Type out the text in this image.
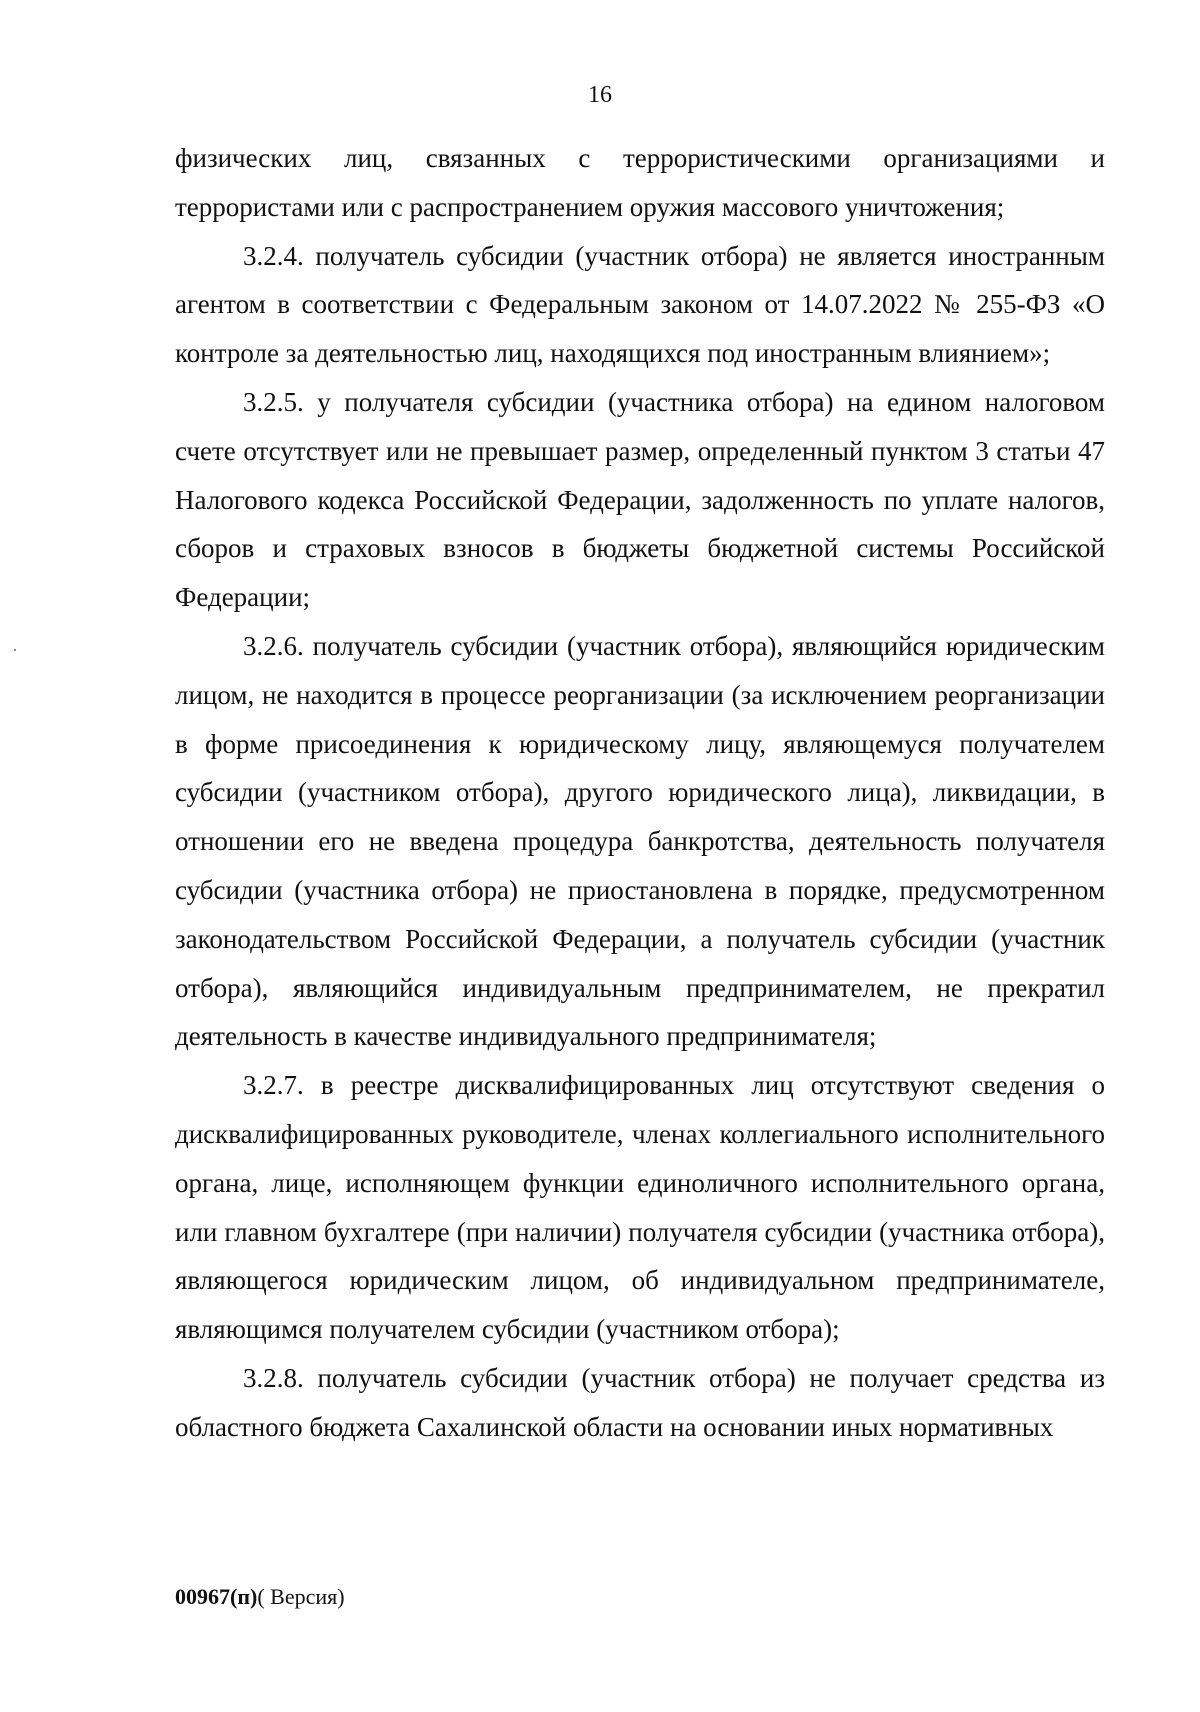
16

физических лиц, связанных с террористическими организациями и террористами или с распространением оружия массового уничтожения;

3.2.4. получатель субсидии (участник отбора) не является иностранным агентом в соответствии с Федеральным законом от 14.07.2022 № 255-ФЗ «О контроле за деятельностью лиц, находящихся под иностранным влиянием»;

3.2.5. у получателя субсидии (участника отбора) на едином налоговом счете отсутствует или не превышает размер, определенный пунктом 3 статьи 47 Налогового кодекса Российской Федерации, задолженность по уплате налогов, сборов и страховых взносов в бюджеты бюджетной системы Российской Федерации;

3.2.6. получатель субсидии (участник отбора), являющийся юридическим лицом, не находится в процессе реорганизации (за исключением реорганизации в форме присоединения к юридическому лицу, являющемуся получателем субсидии (участником отбора), другого юридического лица), ликвидации, в отношении его не введена процедура банкротства, деятельность получателя субсидии (участника отбора) не приостановлена в порядке, предусмотренном законодательством Российской Федерации, а получатель субсидии (участник отбора), являющийся индивидуальным предпринимателем, не прекратил деятельность в качестве индивидуального предпринимателя;

3.2.7. в реестре дисквалифицированных лиц отсутствуют сведения о дисквалифицированных руководителе, членах коллегиального исполнительного органа, лице, исполняющем функции единоличного исполнительного органа, или главном бухгалтере (при наличии) получателя субсидии (участника отбора), являющегося юридическим лицом, об индивидуальном предпринимателе, являющимся получателем субсидии (участником отбора);

3.2.8. получатель субсидии (участник отбора) не получает средства из областного бюджета Сахалинской области на основании иных нормативных

00967(п)( Версия)
